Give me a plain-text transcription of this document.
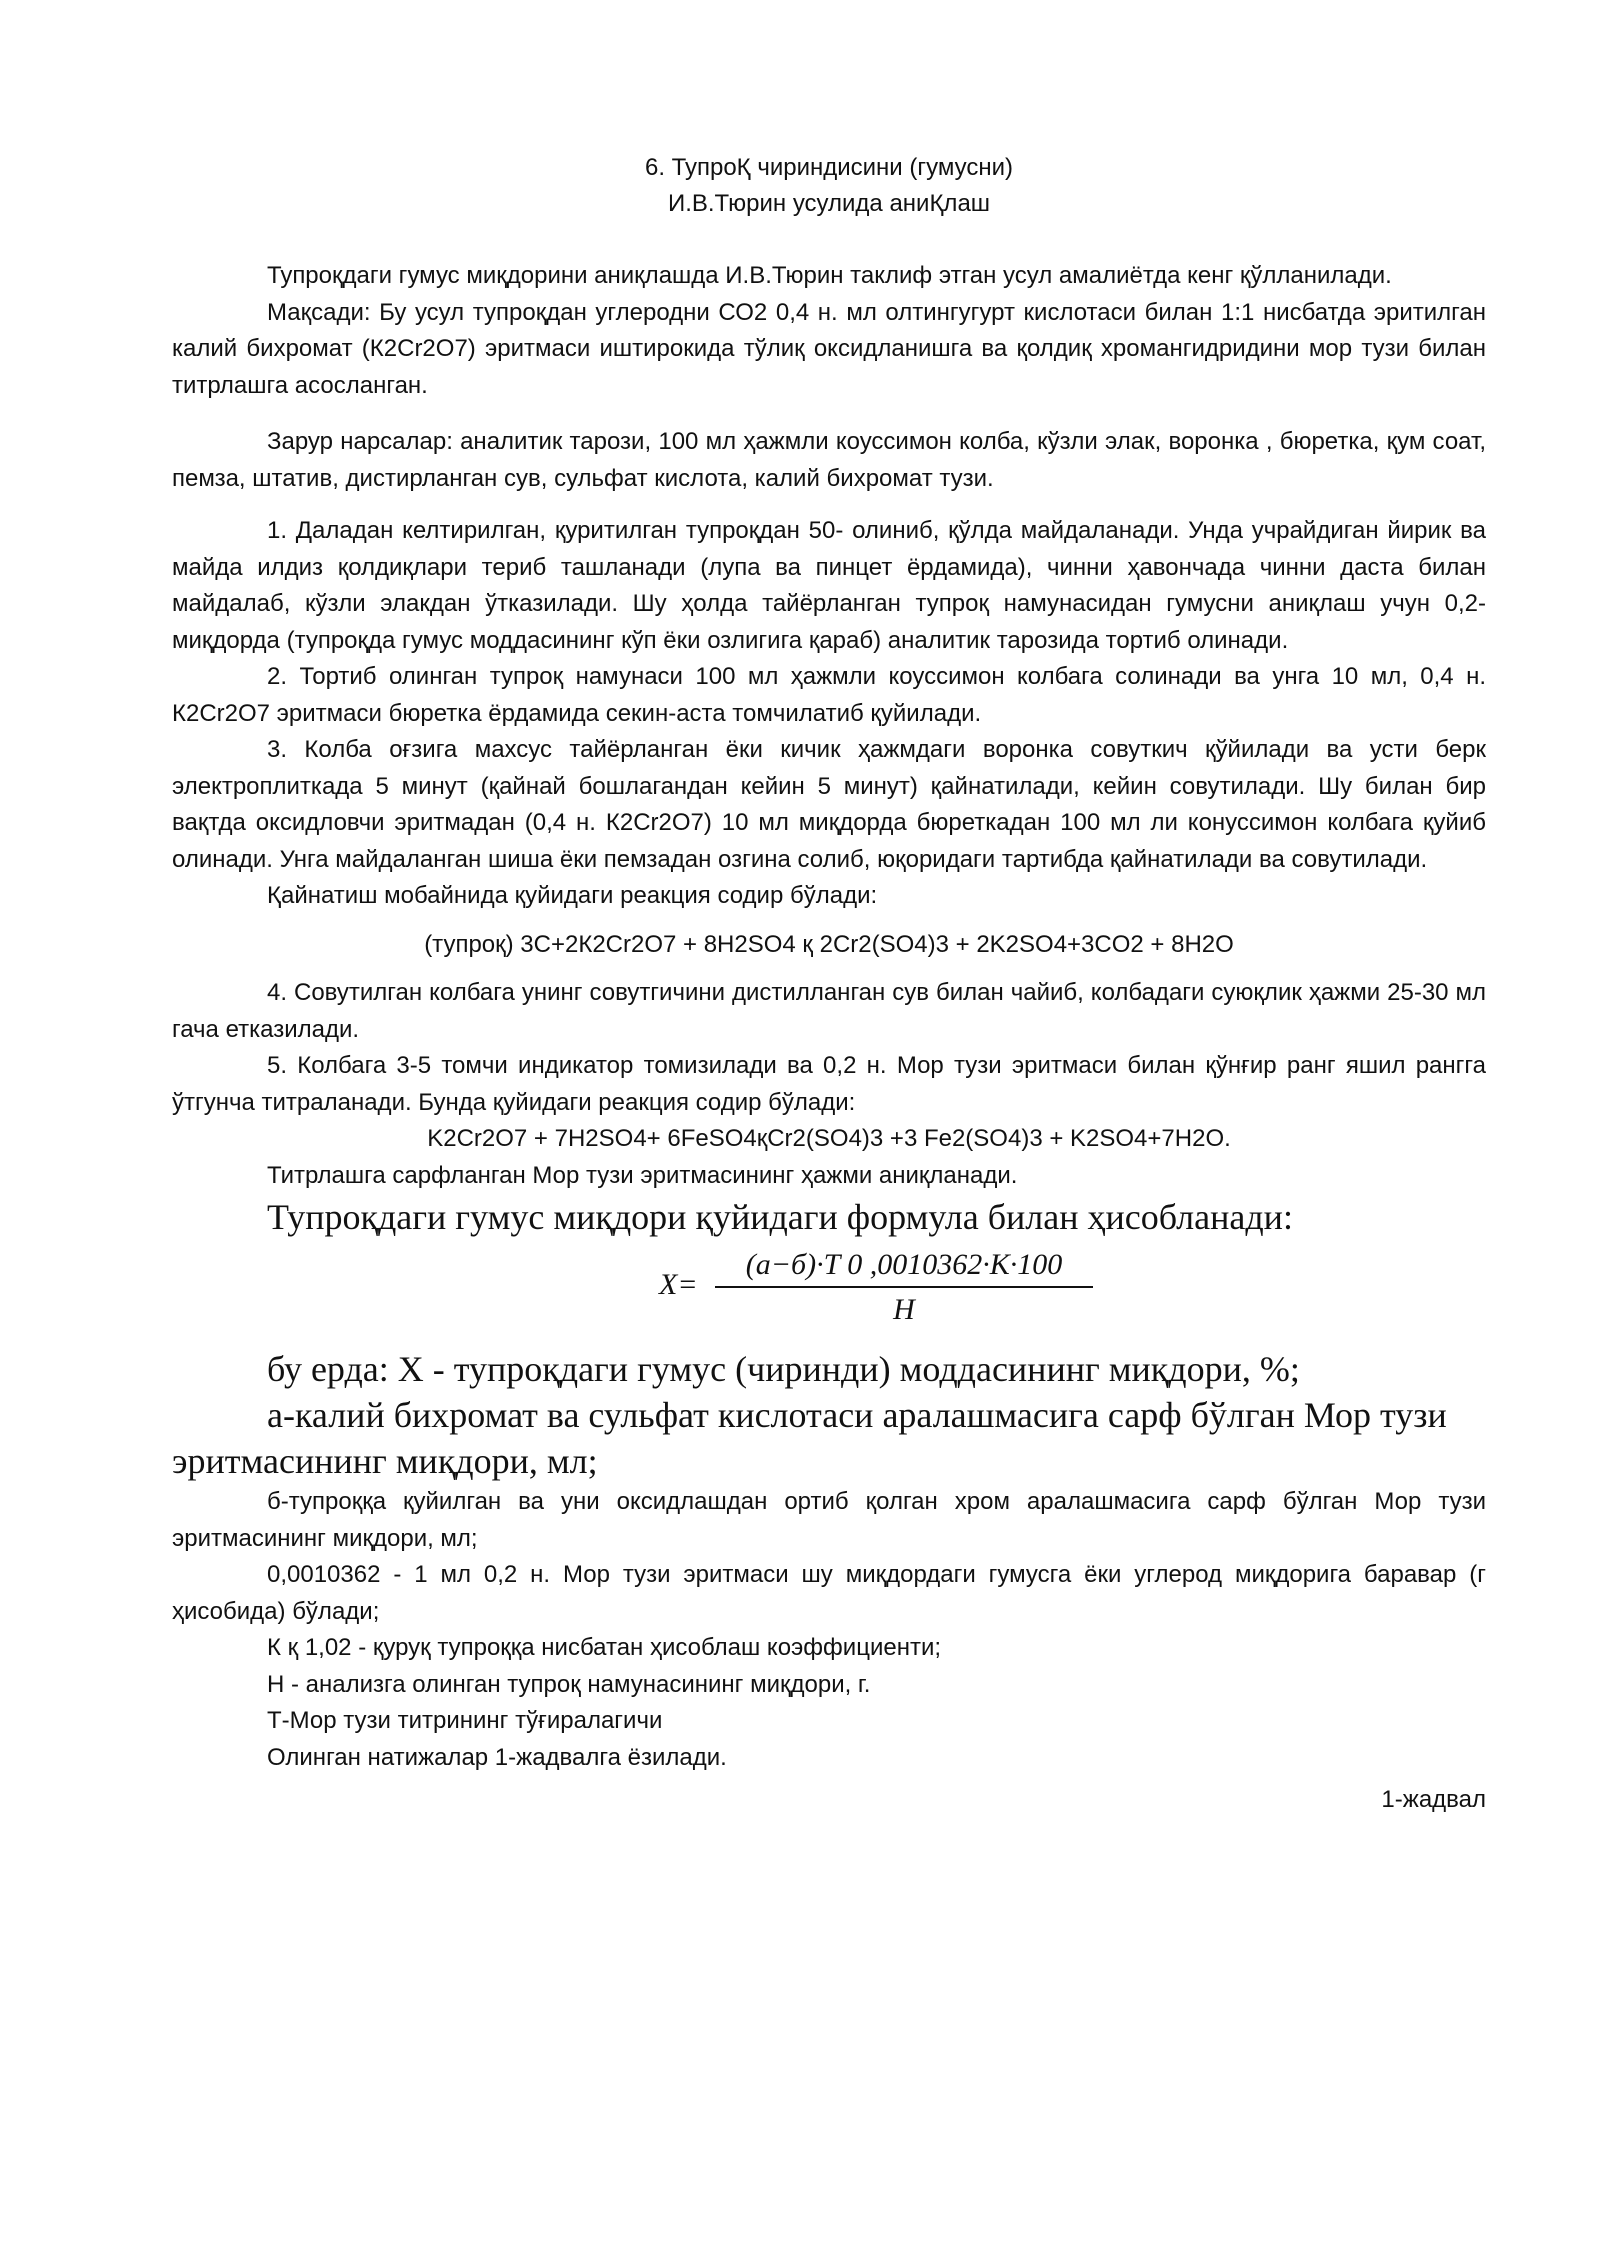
6. ТупроҚ чириндисини (гумусни)

И.В.Тюрин усулида аниҚлаш

Тупроқдаги гумус миқдорини аниқлашда И.В.Тюрин таклиф этган усул амалиётда кенг қўлланилади.

Мақсади: Бу усул тупроқдан углеродни СО2 0,4 н. мл олтингугурт кислотаси билан 1:1 нисбатда эритилган калий бихромат (К2Cr2O7) эритмаси иштирокида тўлиқ оксидланишга ва қолдиқ хромангидридини мор тузи билан титрлашга асосланган.

Зарур нарсалар: аналитик тарози, 100 мл ҳажмли коуссимон колба, кўзли элак, воронка , бюретка, қум соат, пемза, штатив, дистирланган сув, сульфат кислота, калий бихромат тузи.

1. Даладан келтирилган, қуритилган тупроқдан 50- олиниб, қўлда майдаланади. Унда учрайдиган йирик ва майда илдиз қолдиқлари териб ташланади (лупа ва пинцет ёрдамида), чинни ҳавончада чинни даста билан майдалаб, кўзли элакдан ўтказилади. Шу ҳолда тайёрланган тупроқ намунасидан гумусни аниқлаш учун 0,2- миқдорда (тупроқда гумус моддасининг кўп ёки озлигига қараб) аналитик тарозида тортиб олинади.

2. Тортиб олинган тупроқ намунаси 100 мл ҳажмли коуссимон колбага солинади ва унга 10 мл, 0,4 н. К2Cr2O7 эритмаси бюретка ёрдамида секин-аста томчилатиб қуйилади.

3. Колба оғзига махсус тайёрланган ёки кичик ҳажмдаги воронка совуткич қўйилади ва усти берк электроплиткада 5 минут (қайнай бошлагандан кейин 5 минут) қайнатилади, кейин совутилади. Шу билан бир вақтда оксидловчи эритмадан (0,4 н. К2Cr2O7) 10 мл миқдорда бюреткадан 100 мл ли конуссимон колбага қуйиб олинади. Унга майдаланган шиша ёки пемзадан озгина солиб, юқоридаги тартибда қайнатилади ва совутилади.

Қайнатиш мобайнида қуйидаги реакция содир бўлади:

(тупроқ) 3С+2К2Cr2O7 + 8Н2SO4 қ 2Cr2(SO4)3 + 2K2SO4+3CO2 + 8H2O

4. Совутилган колбага унинг совутгичини дистилланган сув билан чайиб, колбадаги суюқлик ҳажми 25-30 мл гача етказилади.

5. Колбага 3-5 томчи индикатор томизилади ва 0,2 н. Мор тузи эритмаси билан қўнғир ранг яшил рангга ўтгунча титраланади. Бунда қуйидаги реакция содир бўлади:

K2Cr2O7 + 7H2SO4+ 6FeSO4қCr2(SO4)3 +3 Fe2(SO4)3 + K2SO4+7H2O.

Титрлашга сарфланган Мор тузи эритмасининг ҳажми аниқланади.

Тупроқдаги гумус миқдори қуйидаги формула билан ҳисобланади:

X=
(a−б)·T 0 ,0010362·K·100
H

бу ерда: Х - тупроқдаги гумус (чиринди) моддасининг миқдори, %;

а-калий бихромат ва сульфат кислотаси аралашмасига сарф бўлган Мор тузи эритмасининг миқдори, мл;

б-тупроққа қуйилган ва уни оксидлашдан ортиб қолган хром аралашмасига сарф бўлган Мор тузи эритмасининг миқдори, мл;

0,0010362 - 1 мл 0,2 н. Мор тузи эритмаси шу миқдордаги гумусга ёки углерод миқдорига баравар (г ҳисобида) бўлади;

К қ 1,02 - қуруқ тупроққа нисбатан ҳисоблаш коэффициенти;

Н - анализга олинган тупроқ намунасининг миқдори, г.

Т-Мор тузи титрининг тўғиралагичи

Олинган натижалар 1-жадвалга ёзилади.

1-жадвал
